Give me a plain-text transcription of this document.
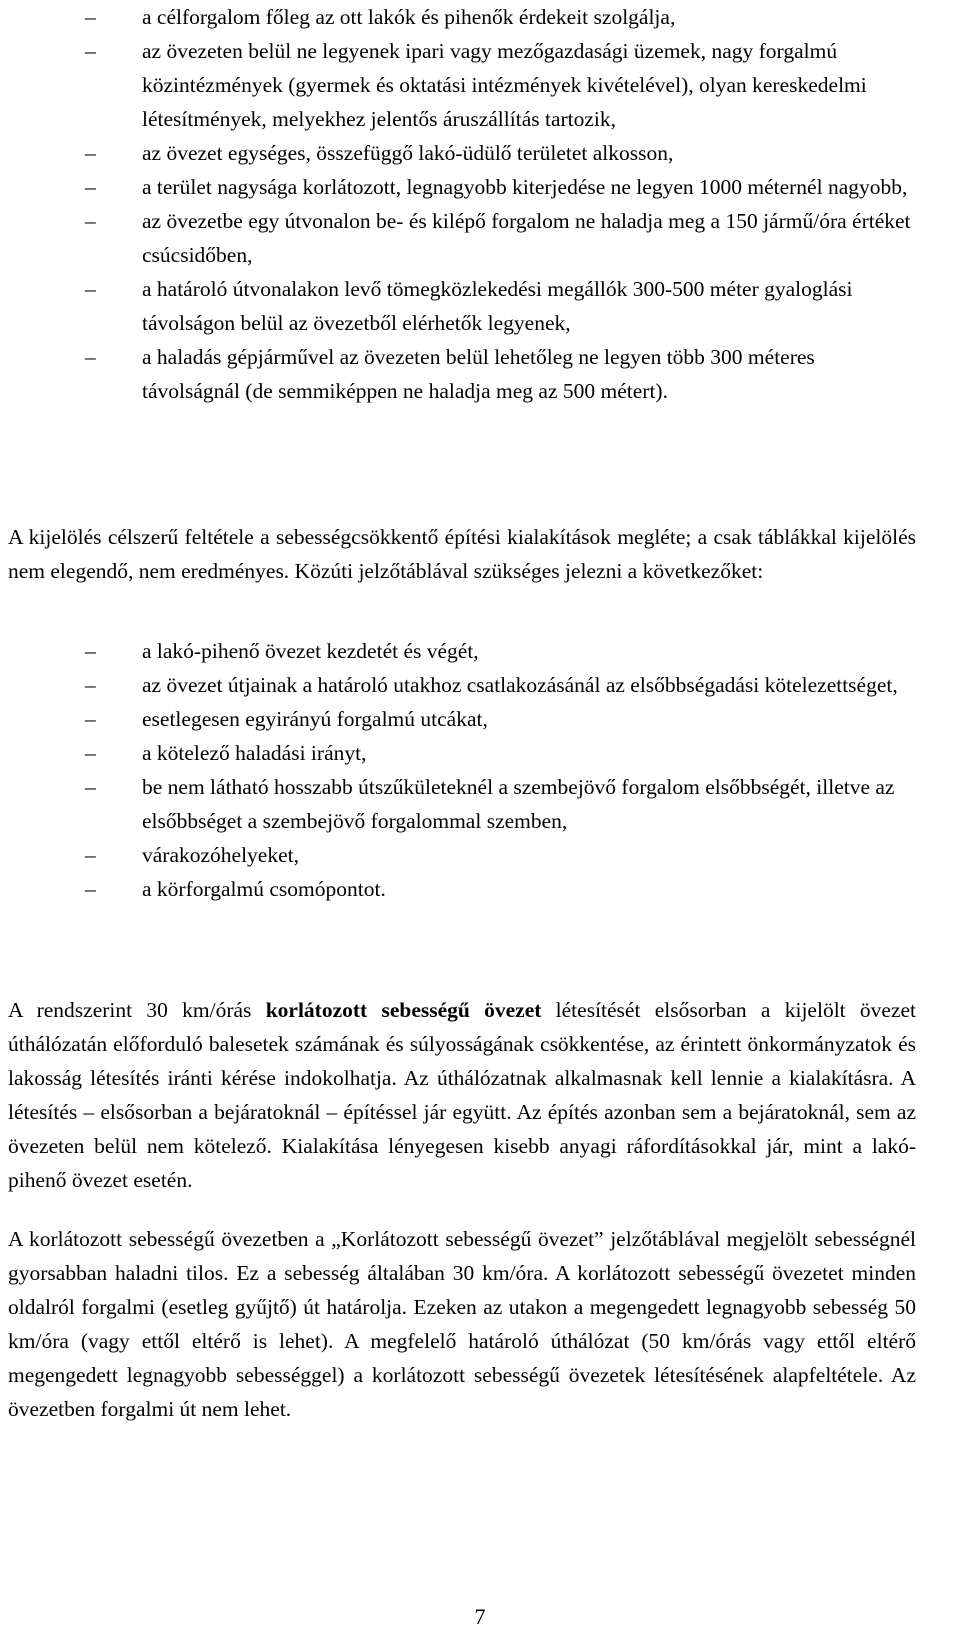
– a célforgalom főleg az ott lakók és pihenők érdekeit szolgálja,
– az övezeten belül ne legyenek ipari vagy mezőgazdasági üzemek, nagy forgalmú közintézmények (gyermek és oktatási intézmények kivételével), olyan kereskedelmi létesítmények, melyekhez jelentős áruszállítás tartozik,
– az övezet egységes, összefüggő lakó-üdülő területet alkosson,
– a terület nagysága korlátozott, legnagyobb kiterjedése ne legyen 1000 méternél nagyobb,
– az övezetbe egy útvonalon be- és kilépő forgalom ne haladja meg a 150 jármű/óra értéket csúcsidőben,
– a határoló útvonalakon levő tömegközlekedési megállók 300-500 méter gyaloglási távolságon belül az övezetből elérhetők legyenek,
– a haladás gépjárművel az övezeten belül lehetőleg ne legyen több 300 méteres távolságnál (de semmiképpen ne haladja meg az 500 métert).

A kijelölés célszerű feltétele a sebességcsökkentő építési kialakítások megléte; a csak táblákkal kijelölés nem elegendő, nem eredményes. Közúti jelzőtáblával szükséges jelezni a következőket:

– a lakó-pihenő övezet kezdetét és végét,
– az övezet útjainak a határoló utakhoz csatlakozásánál az elsőbbségadási kötelezettséget,
– esetlegesen egyirányú forgalmú utcákat,
– a kötelező haladási irányt,
– be nem látható hosszabb útszűkületeknél a szembejövő forgalom elsőbbségét, illetve az elsőbbséget a szembejövő forgalommal szemben,
– várakozóhelyeket,
– a körforgalmú csomópontot.

A rendszerint 30 km/órás korlátozott sebességű övezet létesítését elsősorban a kijelölt övezet úthálózatán előforduló balesetek számának és súlyosságának csökkentése, az érintett önkormányzatok és lakosság létesítés iránti kérése indokolhatja. Az úthálózatnak alkalmasnak kell lennie a kialakításra. A létesítés – elsősorban a bejáratoknál – építéssel jár együtt. Az építés azonban sem a bejáratoknál, sem az övezeten belül nem kötelező. Kialakítása lényegesen kisebb anyagi ráfordításokkal jár, mint a lakó-pihenő övezet esetén.

A korlátozott sebességű övezetben a „Korlátozott sebességű övezet” jelzőtáblával megjelölt sebességnél gyorsabban haladni tilos. Ez a sebesség általában 30 km/óra. A korlátozott sebességű övezetet minden oldalról forgalmi (esetleg gyűjtő) út határolja. Ezeken az utakon a megengedett legnagyobb sebesség 50 km/óra (vagy ettől eltérő is lehet). A megfelelő határoló úthálózat (50 km/órás vagy ettől eltérő megengedett legnagyobb sebességgel) a korlátozott sebességű övezetek létesítésének alapfeltétele. Az övezetben forgalmi út nem lehet.

7
